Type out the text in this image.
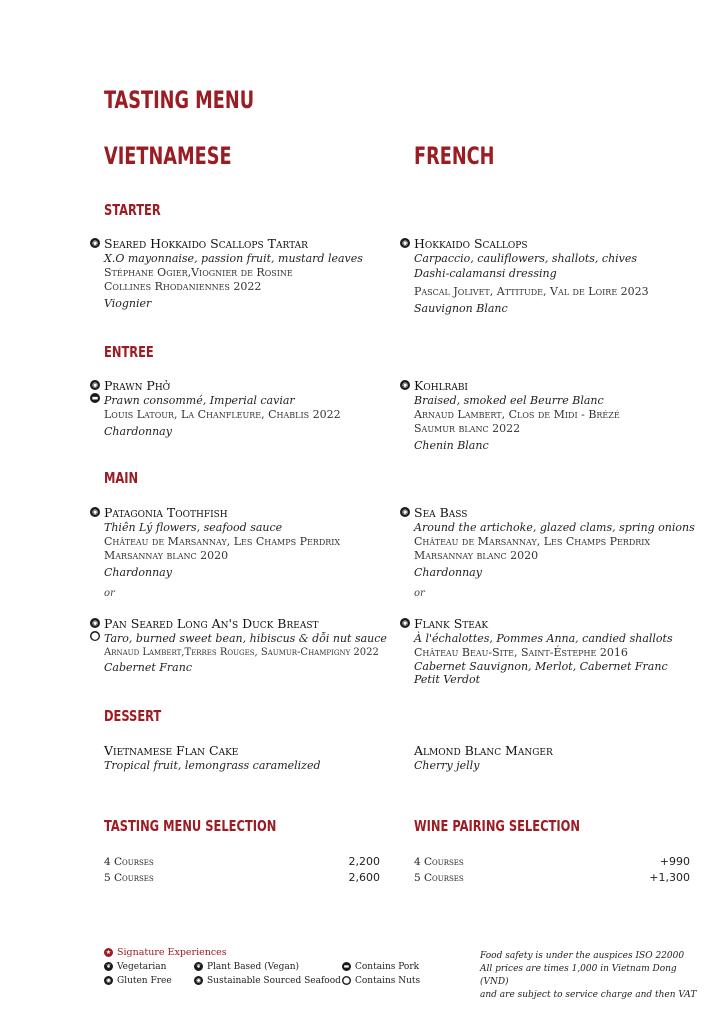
TASTING MENU
VIETNAMESE	FRENCH
STARTER
ENTREE
MAIN
DESSERT
◉ Seared Hokkaido Scallops Tartar
X.O mayonnaise, passion fruit, mustard leaves
Stéphane Ogier,Viognier de Rosine
Collines Rhodaniennes 2022
Viognier
◉ Hokkaido Scallops
Carpaccio, cauliflowers, shallots, chives
Dashi-calamansi dressing
Pascal Jolivet, Attitude, Val de Loire 2023
Sauvignon Blanc
◉
▬
Prawn Phở
Prawn consommé, Imperial caviar
Louis Latour, La Chanfleure, Chablis 2022
Chardonnay
◉ Kohlrabi
Braised, smoked eel Beurre Blanc
Arnaud Lambert, Clos de Midi - Brézé
Saumur blanc 2022
Chenin Blanc
◉ Patagonia Toothfish
Thiên Lý flowers, seafood sauce
Château de Marsannay, Les Champs Perdrix
Marsannay blanc 2020
Chardonnay
or
◉ Sea Bass
Around the artichoke, glazed clams, spring onions
Château de Marsannay, Les Champs Perdrix
Marsannay blanc 2020
Chardonnay
or
◉
⬤
Pan Seared Long An's Duck Breast
Taro, burned sweet bean, hibiscus & dỗi nut sauce
Arnaud Lambert,Terres Rouges, Saumur-Champigny 2022
Cabernet Franc
◉ Flank Steak
À l'échalottes, Pommes Anna, candied shallots
Château Beau-Site, Saint-Éstephe 2016
Cabernet Sauvignon, Merlot, Cabernet Franc
Petit Verdot
Vietnamese Flan Cake
Tropical fruit, lemongrass caramelized
Almond Blanc Manger
Cherry jelly
TASTING MENU SELECTION	WINE PAIRING SELECTION
4 Courses	2,200
5 Courses	2,600
4 Courses	+990
5 Courses	+1,300
★ Signature Experiences
❦ Vegetarian
◉ Gluten Free
❦ Plant Based (Vegan)
◉ Sustainable Sourced Seafood
▬ Contains Pork
⬤ Contains Nuts
Food safety is under the auspices ISO 22000
All prices are times 1,000 in Vietnam Dong (VND)
and are subject to service charge and then VAT
